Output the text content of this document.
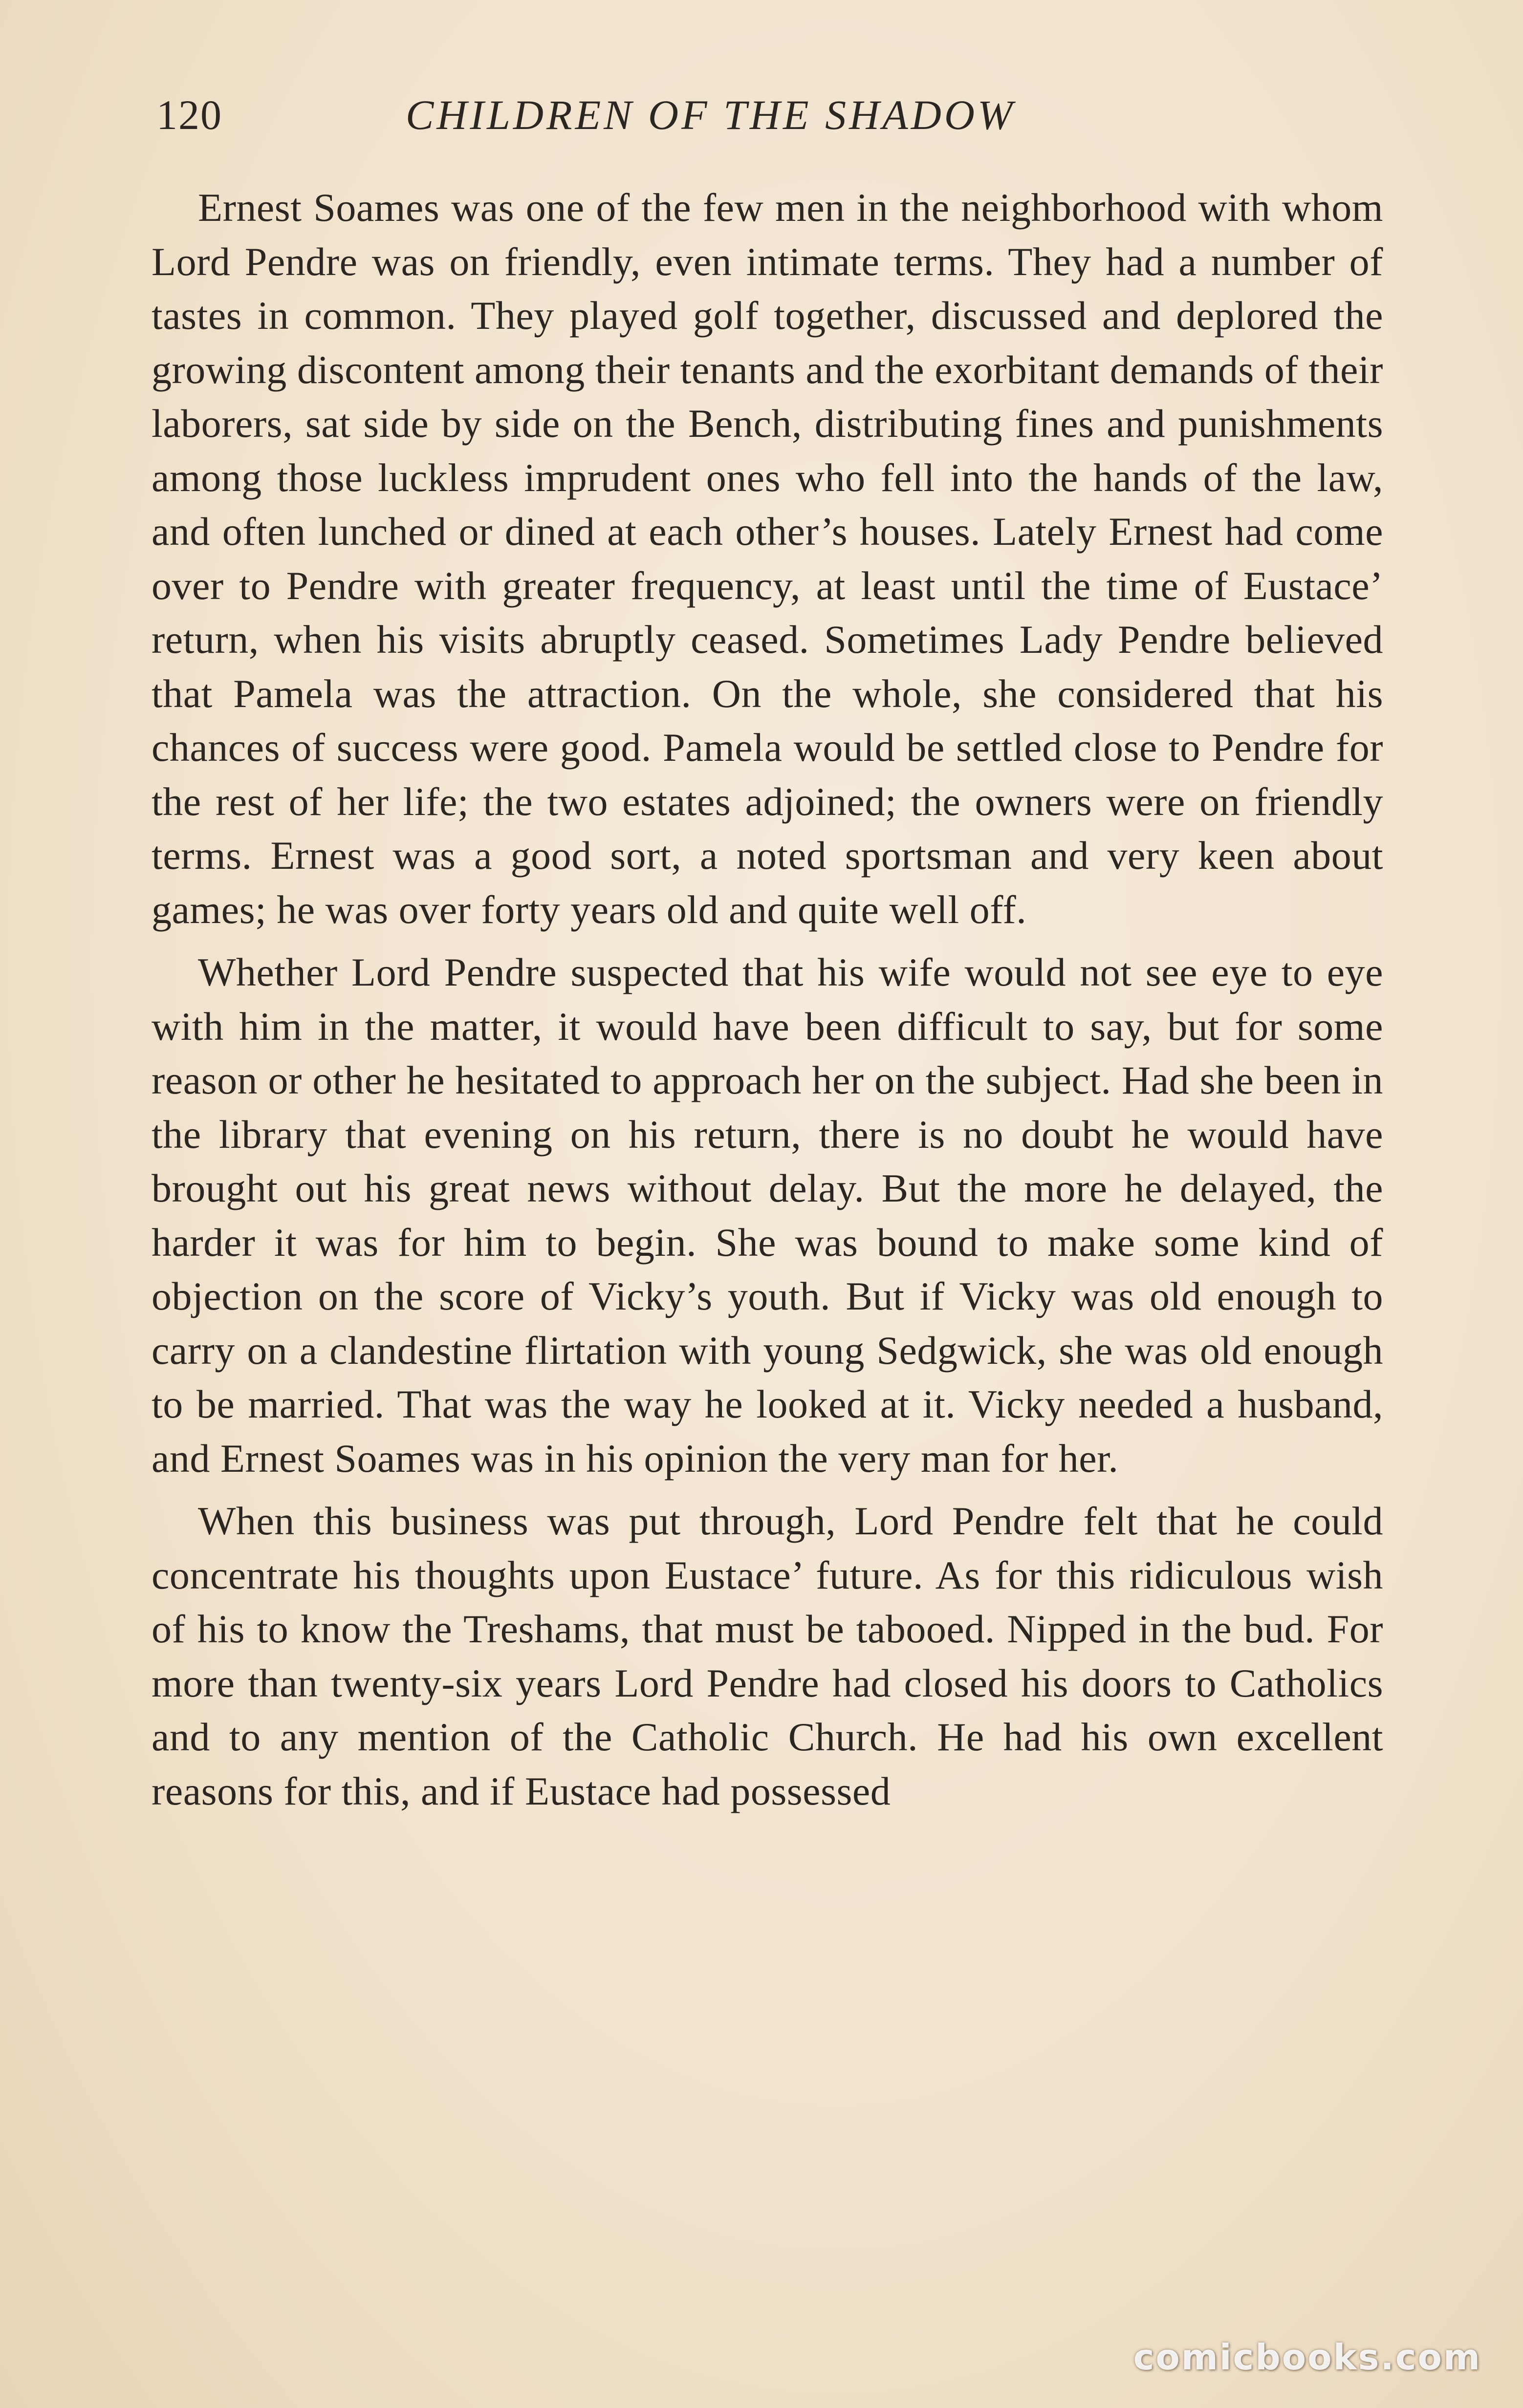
120	CHILDREN OF THE SHADOW

Ernest Soames was one of the few men in the neighborhood with whom Lord Pendre was on friendly, even intimate terms. They had a number of tastes in common. They played golf together, discussed and deplored the growing discontent among their tenants and the exorbitant demands of their laborers, sat side by side on the Bench, distributing fines and punishments among those luckless imprudent ones who fell into the hands of the law, and often lunched or dined at each other’s houses. Lately Ernest had come over to Pendre with greater frequency, at least until the time of Eustace’ return, when his visits abruptly ceased. Sometimes Lady Pendre believed that Pamela was the attraction. On the whole, she considered that his chances of success were good. Pamela would be settled close to Pendre for the rest of her life; the two estates adjoined; the owners were on friendly terms. Ernest was a good sort, a noted sportsman and very keen about games; he was over forty years old and quite well off.

Whether Lord Pendre suspected that his wife would not see eye to eye with him in the matter, it would have been difficult to say, but for some reason or other he hesitated to approach her on the subject. Had she been in the library that evening on his return, there is no doubt he would have brought out his great news without delay. But the more he delayed, the harder it was for him to begin. She was bound to make some kind of objection on the score of Vicky’s youth. But if Vicky was old enough to carry on a clandestine flirtation with young Sedgwick, she was old enough to be married. That was the way he looked at it. Vicky needed a husband, and Ernest Soames was in his opinion the very man for her.

When this business was put through, Lord Pendre felt that he could concentrate his thoughts upon Eustace’ future. As for this ridiculous wish of his to know the Treshams, that must be tabooed. Nipped in the bud. For more than twenty-six years Lord Pendre had closed his doors to Catholics and to any mention of the Catholic Church. He had his own excellent reasons for this, and if Eustace had possessed

comicbooks.com
